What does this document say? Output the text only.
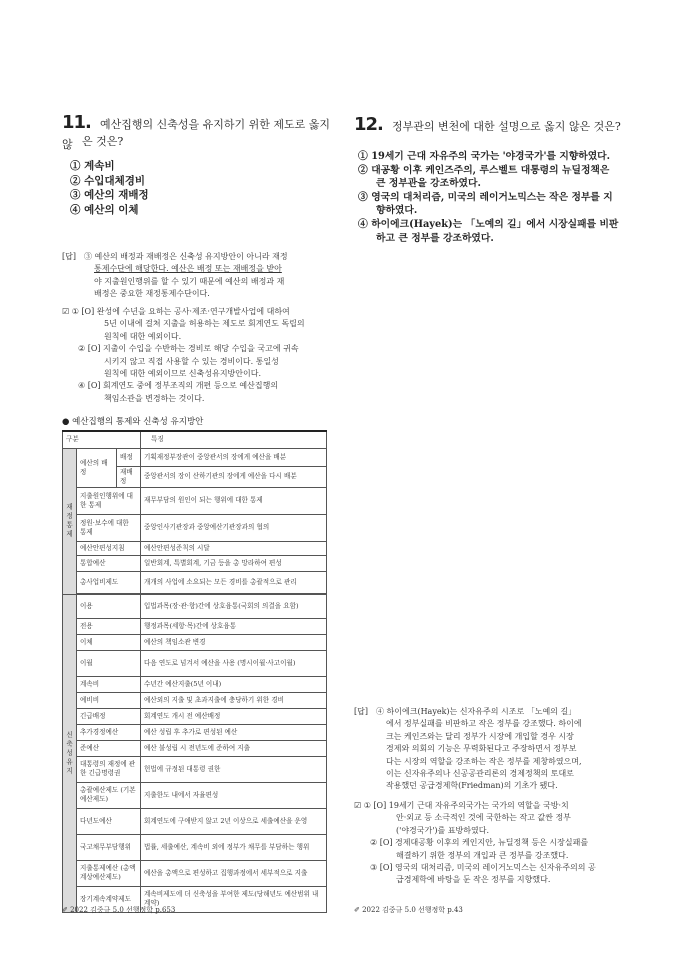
11. 예산집행의 신축성을 유지하기 위한 제도로 옳지 않 은 것은?
① 계속비
② 수입대체경비
③ 예산의 재배정
④ 예산의 이체
[답] ③ 예산의 배정과 재배정은 신축성 유지방안이 아니라 재정
통제수단에 해당한다. 예산은 배정 또는 재배정을 받아
야 지출원인행위를 할 수 있기 때문에 예산의 배정과 재
배정은 중요한 재정통제수단이다.
☑ ① [O] 완성에 수년을 요하는 공사·제조·연구개발사업에 대하여
5년 이내에 걸쳐 지출을 허용하는 제도로 회계연도 독립의
원칙에 대한 예외이다.
② [O] 지출이 수입을 수반하는 경비로 해당 수입을 국고에 귀속
시키지 않고 직접 사용할 수 있는 경비이다. 통일성
원칙에 대한 예외이므로 신축성유지방안이다.
④ [O] 회계연도 중에 정부조직의 개편 등으로 예산집행의
책임소관을 변경하는 것이다.
● 예산집행의 통제와 신축성 유지방안
구분			특징

재
정
통
제	예산의 배정	배정	기획재정부장관이 중앙관서의 장에게 예산을 배분
		재배정	중앙관서의 장이 산하기관의 장에게 예산을 다시 배분
	지출원인행위에 대한 통제		재무부담의 원인이 되는 행위에 대한 통제
	정원·보수에 대한 통제		중앙인사기관장과 중앙예산기관장과의 협의
	예산안편성지침		예산안편성준칙의 시달
	통합예산		일반회계, 특별회계, 기금 등을 총 망라하여 편성
	총사업비제도		개개의 사업에 소요되는 모든 경비를 총괄적으로 관리

신
축
성
유
지	이용		입법과목(장·관·항)간에 상호융통(국회의 의결을 요함)
	전용		행정과목(세항·목)간에 상호융통
	이체		예산의 책임소관 변경
	이월		다음 연도로 넘겨서 예산을 사용 (명시이월·사고이월)
	계속비		수년간 예산지출(5년 이내)
	예비비		예산외의 지출 및 초과지출에 충당하기 위한 경비
	긴급배정		회계연도 개시 전 예산배정
	추가경정예산		예산 성립 후 추가로 편성된 예산
	준예산		예산 불성립 시 전년도에 준하여 지출
	대통령의 재정에 관한 긴급명령권		헌법에 규정된 대통령 권한
	총괄예산제도 (기본예산제도)		지출한도 내에서 자율편성
	다년도예산		회계연도에 구애받지 않고 2년 이상으로 세출예산을 운영
	국고채무부담행위		법률, 세출예산, 계속비 외에 정부가 채무를 부담하는 행위
	지출통제예산 (총액계상예산제도)		예산을 총액으로 편성하고 집행과정에서 세부적으로 지출
	장기계속계약제도		계속비제도에 더 신축성을 부여한 제도(당해년도 예산범위 내 계약)
✐ 2022 김중규 5.0 선행정학 p.653
12. 정부관의 변천에 대한 설명으로 옳지 않은 것은?
① 19세기 근대 자유주의 국가는 '야경국가'를 지향하였다.
② 대공황 이후 케인즈주의, 루스벨트 대통령의 뉴딜정책은
큰 정부관을 강조하였다.
③ 영국의 대처리즘, 미국의 레이거노믹스는 작은 정부를 지
향하였다.
④ 하이에크(Hayek)는 「노예의 길」에서 시장실패를 비판
하고 큰 정부를 강조하였다.
[답] ④ 하이에크(Hayek)는 신자유주의 시조로 「노예의 길」
에서 정부실패를 비판하고 작은 정부를 강조했다. 하이에
크는 케인즈와는 달리 정부가 시장에 개입할 경우 시장
경제와 의회의 기능은 무력화된다고 주장하면서 정부보
다는 시장의 역할을 강조하는 작은 정부를 제창하였으며,
이는 신자유주의나 신공공관리론의 경제정책의 토대로
작용했던 공급경제학(Friedman)의 기초가 됐다.
☑ ① [O] 19세기 근대 자유주의국가는 국가의 역할을 국방·치
안·외교 등 소극적인 것에 국한하는 작고 값싼 정부
('야경국가')를 표방하였다.
② [O] 경제대공황 이후의 케인지안, 뉴딜정책 등은 시장실패를
해결하기 위한 정부의 개입과 큰 정부를 강조했다.
③ [O] 영국의 대처리즘, 미국의 레이거노믹스는 신자유주의의 공
급경제학에 바탕을 둔 작은 정부를 지향했다.
✐ 2022 김중규 5.0 선행정학 p.43
